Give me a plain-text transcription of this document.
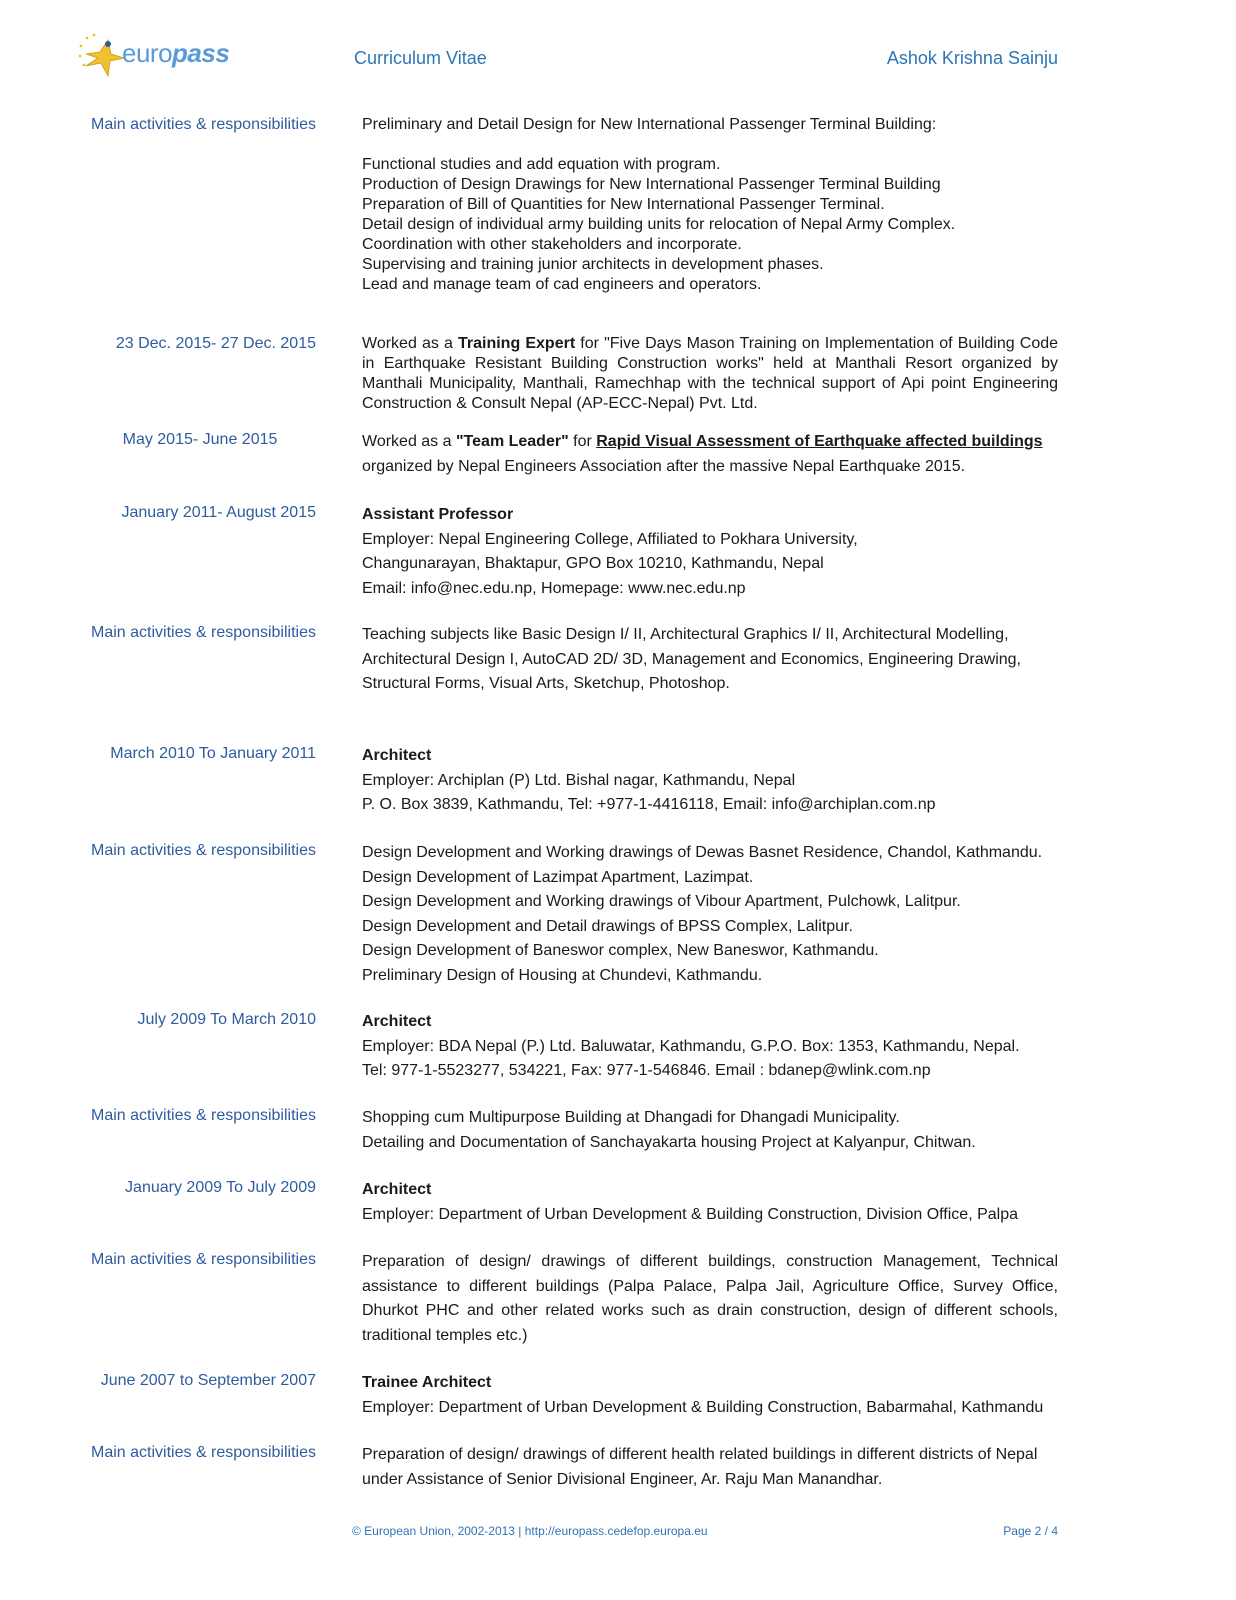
europass	Curriculum Vitae	Ashok Krishna Sainju
Main activities & responsibilities	Preliminary and Detail Design for New International Passenger Terminal Building:

Functional studies and add equation with program.

Production of Design Drawings for New International Passenger Terminal Building

Preparation of Bill of Quantities for New International Passenger Terminal.

Detail design of individual army building units for relocation of Nepal Army Complex.

Coordination with other stakeholders and incorporate.

Supervising and training junior architects in development phases.

Lead and manage team of cad engineers and operators.

23 Dec. 2015- 27 Dec. 2015	Worked as a Training Expert for "Five Days Mason Training on Implementation of Building Code in Earthquake Resistant Building Construction works" held at Manthali Resort organized by Manthali Municipality, Manthali, Ramechhap with the technical support of Api point Engineering Construction & Consult Nepal (AP-ECC-Nepal) Pvt. Ltd.

May 2015- June 2015	Worked as a "Team Leader" for Rapid Visual Assessment of Earthquake affected buildings

organized by Nepal Engineers Association after the massive Nepal Earthquake 2015.

January 2011- August 2015	Assistant Professor

Employer: Nepal Engineering College, Affiliated to Pokhara University,

Changunarayan, Bhaktapur, GPO Box 10210, Kathmandu, Nepal

Email: info@nec.edu.np, Homepage: www.nec.edu.np

Main activities & responsibilities	Teaching subjects like Basic Design I/ II, Architectural Graphics I/ II, Architectural Modelling,

Architectural Design I, AutoCAD 2D/ 3D, Management and Economics, Engineering Drawing,

Structural Forms, Visual Arts, Sketchup, Photoshop.

March 2010 To January 2011	Architect

Employer: Archiplan (P) Ltd. Bishal nagar, Kathmandu, Nepal

P. O. Box 3839, Kathmandu, Tel: +977-1-4416118, Email: info@archiplan.com.np

Main activities & responsibilities	Design Development and Working drawings of Dewas Basnet Residence, Chandol, Kathmandu.

Design Development of Lazimpat Apartment, Lazimpat.

Design Development and Working drawings of Vibour Apartment, Pulchowk, Lalitpur.

Design Development and Detail drawings of BPSS Complex, Lalitpur.

Design Development of Baneswor complex, New Baneswor, Kathmandu.

Preliminary Design of Housing at Chundevi, Kathmandu.

July 2009 To March 2010	Architect

Employer: BDA Nepal (P.) Ltd. Baluwatar, Kathmandu, G.P.O. Box: 1353, Kathmandu, Nepal.

Tel: 977-1-5523277, 534221, Fax: 977-1-546846. Email : bdanep@wlink.com.np

Main activities & responsibilities	Shopping cum Multipurpose Building at Dhangadi for Dhangadi Municipality.

Detailing and Documentation of Sanchayakarta housing Project at Kalyanpur, Chitwan.

January 2009 To July 2009	Architect

Employer: Department of Urban Development & Building Construction, Division Office, Palpa

Main activities & responsibilities	Preparation of design/ drawings of different buildings, construction Management, Technical assistance to different buildings (Palpa Palace, Palpa Jail, Agriculture Office, Survey Office, Dhurkot PHC and other related works such as drain construction, design of different schools, traditional temples etc.)

June 2007 to September 2007	Trainee Architect

Employer: Department of Urban Development & Building Construction, Babarmahal, Kathmandu

Main activities & responsibilities	Preparation of design/ drawings of different health related buildings in different districts of Nepal

under Assistance of Senior Divisional Engineer, Ar. Raju Man Manandhar.

© European Union, 2002-2013 | http://europass.cedefop.europa.eu	Page 2 / 4
